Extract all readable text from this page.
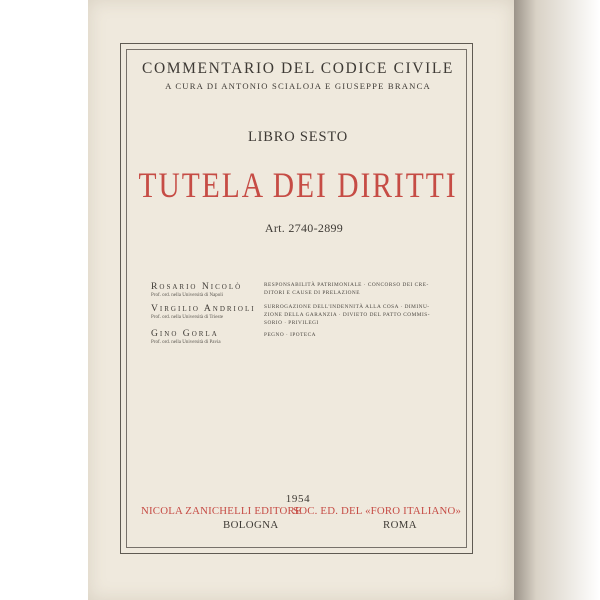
COMMENTARIO DEL CODICE CIVILE
A CURA DI ANTONIO SCIALOJA E GIUSEPPE BRANCA
LIBRO SESTO
TUTELA DEI DIRITTI
Art. 2740-2899
Rosario Nicolò
Prof. ord. nella Università di Napoli
RESPONSABILITÀ PATRIMONIALE · CONCORSO DEI CRE-
DITORI E CAUSE DI PRELAZIONE
Virgilio Andrioli
Prof. ord. nella Università di Trieste
SURROGAZIONE DELL'INDENNITÀ ALLA COSA · DIMINU-
ZIONE DELLA GARANZIA · DIVIETO DEL PATTO COMMIS-
SORIO · PRIVILEGI
Gino Gorla
Prof. ord. nella Università di Pavia
PEGNO · IPOTECA
1954
NICOLA ZANICHELLI EDITORE
SOC. ED. DEL «FORO ITALIANO»
BOLOGNA	ROMA
